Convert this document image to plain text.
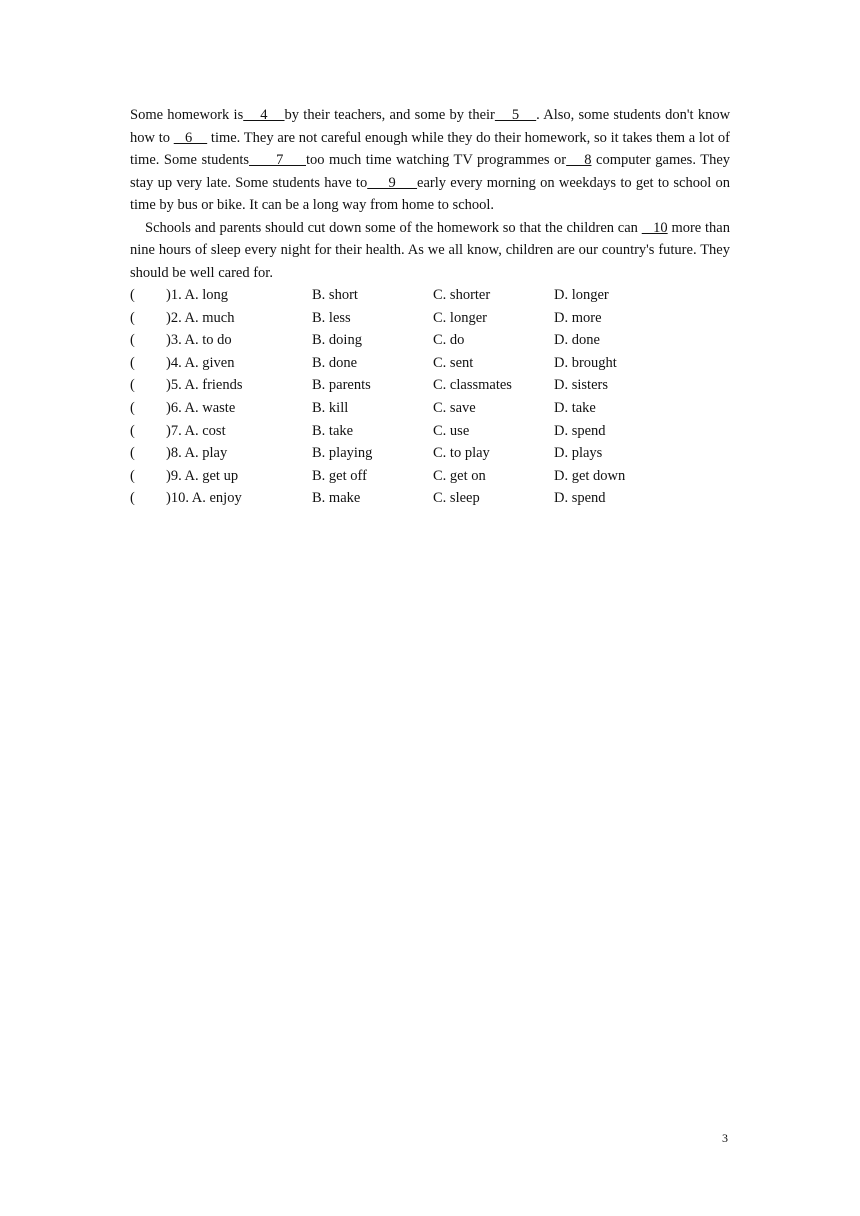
Some homework is    4    by their teachers, and some by their    5    . Also, some students don't know how to    6     time. They are not careful enough while they do their homework, so it takes them a lot of time. Some students      7     too much time watching TV programmes or    8 computer games. They stay up very late. Some students have to     9     early every morning on weekdays to get to school on time by bus or bike. It can be a long way from home to school.

Schools and parents should cut down some of the homework so that the children can    10 more than nine hours of sleep every night for their health. As we all know, children are our country's future. They should be well cared for.

(	)1. A. long	B. short	C. shorter	D. longer
(	)2. A. much	B. less	C. longer	D. more
(	)3. A. to do	B. doing	C. do	D. done
(	)4. A. given	B. done	C. sent	D. brought
(	)5. A. friends	B. parents	C. classmates	D. sisters
(	)6. A. waste	B. kill	C. save	D. take
(	)7. A. cost	B. take	C. use	D. spend
(	)8. A. play	B. playing	C. to play	D. plays
(	)9. A. get up	B. get off	C. get on	D. get down
(	)10. A. enjoy	B. make	C. sleep	D. spend
3
